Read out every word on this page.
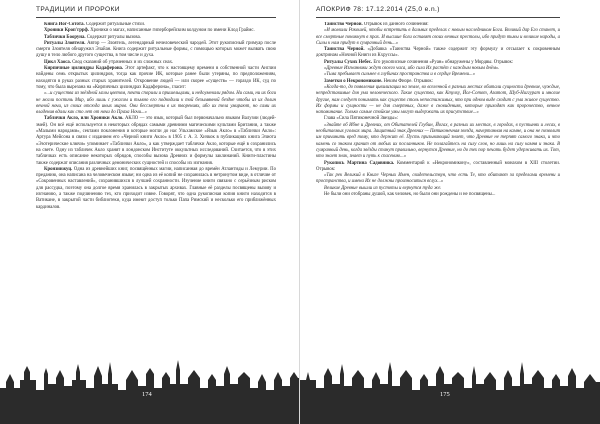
ТРАДИЦИИ И ПРОРОКИ

Книга Йог-Сотота. Содержит ритуальные стихи.

Хроники Кроп'гррф. Хроники о магах, написанные гиперборейским колдуном по имени Клод Граймс.

Таблички Бооруна. Содержат ритуалы вызова.

Ритуалы Злоятеля. Автор — Злоятель, легендарный нечеловеческий чародей. Этот рукописный гримуар после смерти Злоятеля обнаружил Элайан. Книга содержит ритуальные формы, с помощью которых может вызвать свою душу в тело любого другого существа, в том числе и духа.

Цикл Хаоса. Свод сказаний об утраченных и их сложных снах.

Кирпичные цилиндры Кадаферона. Этот артефакт, что к настоящему времени в собственной части Англии найдены семь открытых цилиндров, тогда как прочие ИК, которые ранее были утеряны, по предположениям, находятся в руках разных старых хранителей. Откровение людей — или скорее «существ» — гораздо ИК, суд по тому, что была вырезана на «Кирпичных цилиндрах Кадаферона», гласит:

«...и существа из звёздной мглы цветом, почти спорили и пришельцами, и недоумевали рядом. Ни сами, ни их боги не могли постичь Мир, ибо лишь с ужасом и тьмою его подводили к той безымянной бездне чтобы из их долин вечной ночи, из своих отсюда иных миров. Они бессмертны в их творениях, ибо их тела умирают, но сами их владения вдали как сто лет от ночи до Праха Ночи...»

Таблички Акло, или Хроники Акло. АКЛО — это язык, который был первоначально языком Валузии (людей-змей). Он всё ещё используется в некоторых обрядах самыми древними магическими культами Британии, а также «Малыми народами», сектами поклонения и которые могли до нас Ульхамское «Язык Акло» в «Таблички Акло»: Артура Мейсона в связи с изданием его «Черной книги Акло» в 1905 г. А. З. Хичкок в публикациях книга Элиота «Эзотерические ключи» упоминает «Таблички Акло», а как утверждает таблички Акло, которые ещё в сохранились на свете. Одну из табличек Акло хранят в лондонском Институте оккультных исследований. Считается, что в этих табличках есть описание некоторых обрядов, способы вызова Древних и формулы заклинаний. Книги-пластины также содержат описания различных демонических сущностей и способы их изгнания.

Кронзинжуц. Одна из древнейших книг, посвящённых магии, написанная до времён Атлантиды и Лемурии. По преданию, она написана на человеческом языке; ни одна из её копий не сохранилась в нетронутом виде, в отличие от «Сокровенных наставлений», сохранившихся в лучшей сохранности. Изучение книги связано с серьёзным риском для рассудка, поэтому она долгое время хранилась в закрытых архивах. Главные её разделы посвящены вызову и изгнанию, а также подчинению тех, кто приходит извне. Говорят, что одна рукописная копия книги находится в Ватикане, в закрытой части библиотеки, куда имеют доступ только Папа Римский и несколько его приближённых кардиналов.

174
АПОКРИФ 78: 17.12.2014 (Z5,0 e.n.)

Таинство Черной. Отрывок из данного сочинения:

«И молвили Ракошей, чтобы встретить в дальних пределах с новым наследником Бога. Великий дар Его станет, и все смертные поникнут в прах. И высшие боги оставят своих вечных престолы, ибо придут тьмы и великие народы, а Силы к нам придут в сумрачный день...»

Таинства Черной. «Добавка «Таинства Черной» также содержит эту формулу и отсылает к сокровенным доктринам «Ночной Книги из Кхруссы».

Ритуалы Сухих Небес. Его рукописные сочинения «Руан» обнаружены у Мордвы. Отрывок:

«Древние Изгнанники ждут своего часа, ибо сила Их растёт с каждым новым днём».

«Тьма пребывает сильнее в глубинах пространства и в сердце Времени...»

Заметки о Некрономиконе. Неким Фиоре. Отрывок:

«Когда-то, до появления цивилизации на земле, во вселенной в разных местах обитали сущности древние, чуждые, непредставимые для ума человеческого. Такие существа, как Ктулху, Йог-Сотот, Азатот, Шуб-Ниггурат и многие другие, нам следует понимать как существ столь непостижимых, что при одном виде сходит с ума живое существо. Их формы и сущности — не для смертных, даже в сновидениях, которые приходят как пророчество, вечное напоминание. Только самые стойкие умы могут выдержать их присутствие...»

Глава «Сила Пятиконечной Звезды»:

«Знайте об Ибне и Древних, от Обитателей Глубин, Йогах, в разных их местах, в городах, в пустынях и лесах, в необитаемых уголках мира. Защитный знак Древних — Пятиконечная звезда, начертанная на камне, и она не позволит им причинить вред тому, кто держит её. Пусть призывающий знает, что Древние не терпят самого знака, и что камень со знаком хранит от любых их посланников. Не полагайтесь на силу слов, но лишь на силу камня и знака. В сумрачный день, когда звёзды станут правильно, вернутся Древние, но до тех пор печать будет удерживать их. Тот, кто знает знак, знает и путь к спасению...»

Рукопись Мартина Садовника. Комментарий к «Некрономикону», составленный монахом в XIII столетии. Отрывок:

«Так рек Великий в Книге Черных Имен, свидетельствуя, что есть Те, кто обитают за пределами времени и пространства, и имена Их не должны произноситься вслух...»

Великие Древние вышли из пустоты и вернутся туда же.

Не были они отобраны душой, как человек, но были они рождены и не посвящены...

175
